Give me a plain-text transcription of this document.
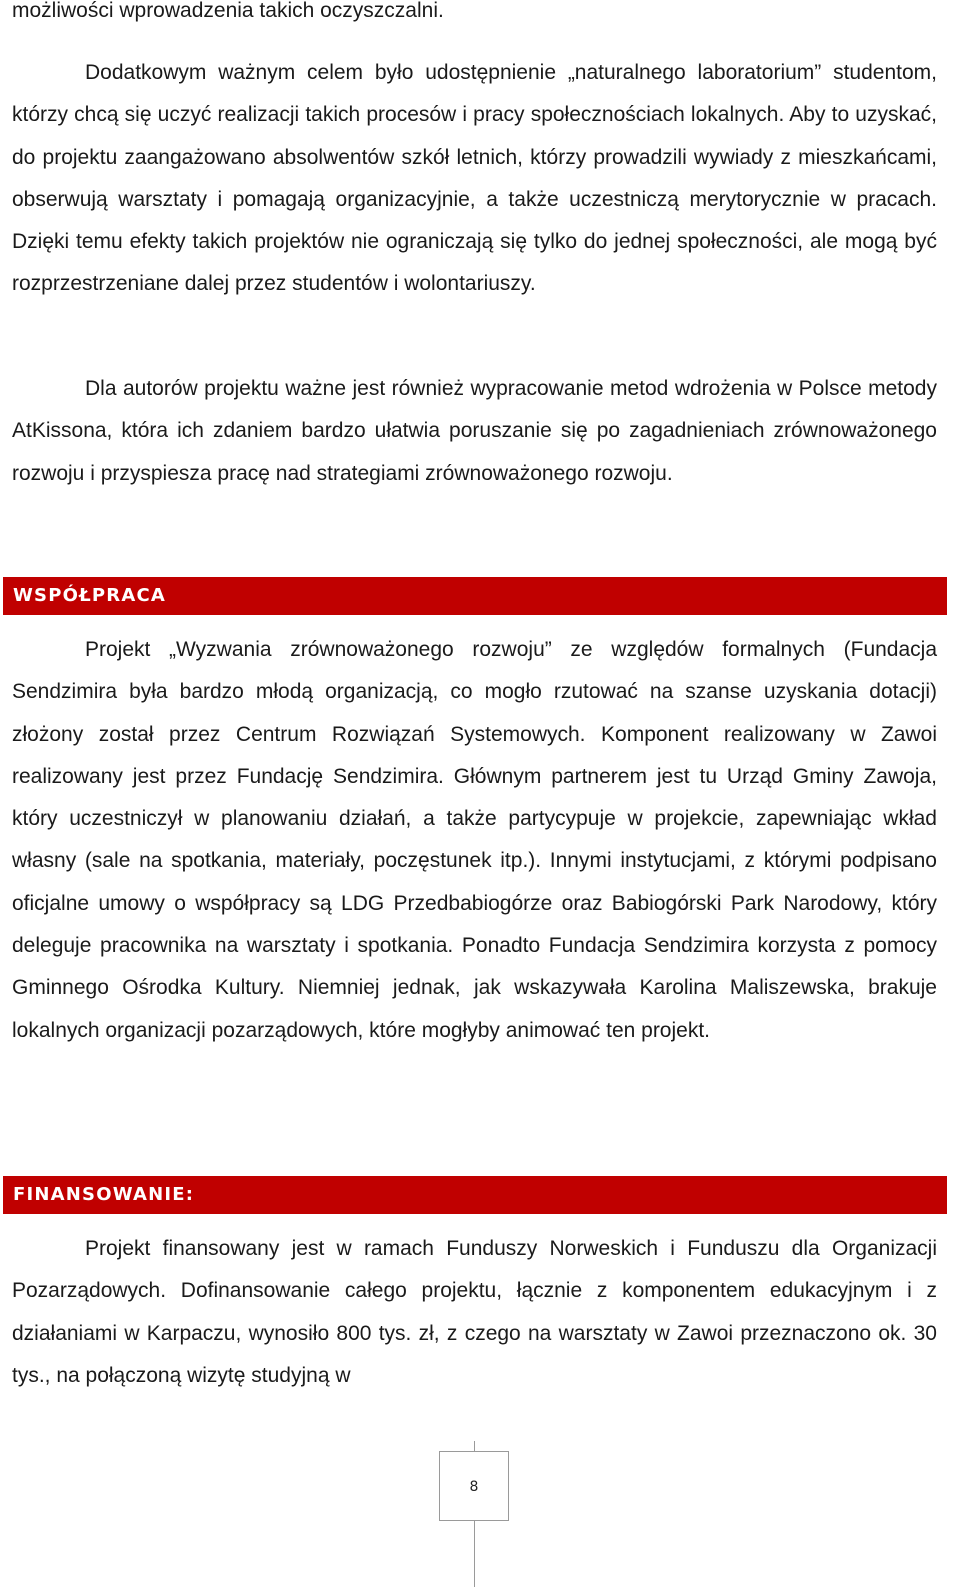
możliwości wprowadzenia takich oczyszczalni.

Dodatkowym ważnym celem było udostępnienie „naturalnego laboratorium” studentom, którzy chcą się uczyć realizacji takich procesów i pracy społecznościach lokalnych. Aby to uzyskać, do projektu zaangażowano absolwentów szkół letnich, którzy prowadzili wywiady z mieszkańcami, obserwują warsztaty i pomagają organizacyjnie, a także uczestniczą merytorycznie w pracach. Dzięki temu efekty takich projektów nie ograniczają się tylko do jednej społeczności, ale mogą być rozprzestrzeniane dalej przez studentów i wolontariuszy.

Dla autorów projektu ważne jest również wypracowanie metod wdrożenia w Polsce metody AtKissona, która ich zdaniem bardzo ułatwia poruszanie się po zagadnieniach zrównoważonego rozwoju i przyspiesza pracę nad strategiami zrównoważonego rozwoju.

Projekt „Wyzwania zrównoważonego rozwoju” ze względów formalnych (Fundacja Sendzimira była bardzo młodą organizacją, co mogło rzutować na szanse uzyskania dotacji) złożony został przez Centrum Rozwiązań Systemowych. Komponent realizowany w Zawoi realizowany jest przez Fundację Sendzimira. Głównym partnerem jest tu Urząd Gminy Zawoja, który uczestniczył w planowaniu działań, a także partycypuje w projekcie, zapewniając wkład własny (sale na spotkania, materiały, poczęstunek itp.). Innymi instytucjami, z którymi podpisano oficjalne umowy o współpracy są LDG Przedbabiogórze oraz Babiogórski Park Narodowy, który deleguje pracownika na warsztaty i spotkania. Ponadto Fundacja Sendzimira korzysta z pomocy Gminnego Ośrodka Kultury. Niemniej jednak, jak wskazywała Karolina Maliszewska, brakuje lokalnych organizacji pozarządowych, które mogłyby animować ten projekt.

Projekt finansowany jest w ramach Funduszy Norweskich i Funduszu dla Organizacji Pozarządowych. Dofinansowanie całego projektu, łącznie z komponentem edukacyjnym i z działaniami w Karpaczu, wynosiło 800 tys. zł, z czego na warsztaty w Zawoi przeznaczono ok. 30 tys., na połączoną wizytę studyjną w

WSPÓŁPRACA
FINANSOWANIE:
8
